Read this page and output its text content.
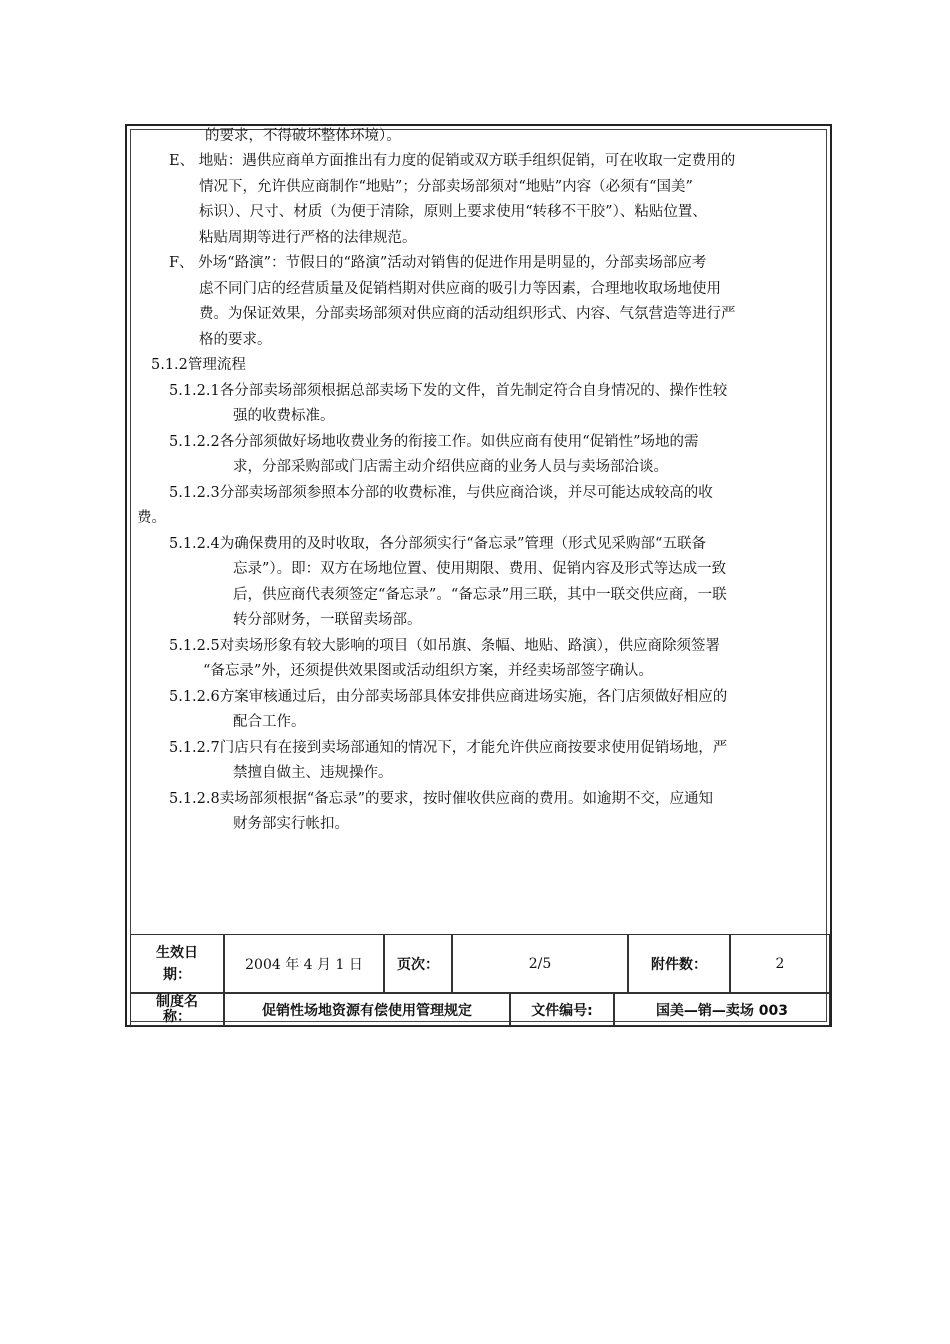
的要求，不得破坏整体环境）。
E、 地贴：遇供应商单方面推出有力度的促销或双方联手组织促销，可在收取一定费用的
情况下，允许供应商制作“地贴”；分部卖场部须对“地贴”内容（必须有“国美”
标识）、尺寸、材质（为便于清除，原则上要求使用“转移不干胶”）、粘贴位置、
粘贴周期等进行严格的法律规范。
F、 外场“路演”：节假日的“路演”活动对销售的促进作用是明显的，分部卖场部应考
虑不同门店的经营质量及促销档期对供应商的吸引力等因素，合理地收取场地使用
费。为保证效果，分部卖场部须对供应商的活动组织形式、内容、气氛营造等进行严
格的要求。
5.1.2管理流程
5.1.2.1各分部卖场部须根据总部卖场下发的文件，首先制定符合自身情况的、操作性较
强的收费标准。
5.1.2.2各分部须做好场地收费业务的衔接工作。如供应商有使用“促销性”场地的需
求，分部采购部或门店需主动介绍供应商的业务人员与卖场部洽谈。
5.1.2.3分部卖场部须参照本分部的收费标准，与供应商洽谈，并尽可能达成较高的收
费。
5.1.2.4为确保费用的及时收取，各分部须实行“备忘录”管理（形式见采购部“五联备
忘录”）。即：双方在场地位置、使用期限、费用、促销内容及形式等达成一致
后，供应商代表须签定“备忘录”。“备忘录”用三联，其中一联交供应商，一联
转分部财务，一联留卖场部。
5.1.2.5对卖场形象有较大影响的项目（如吊旗、条幅、地贴、路演），供应商除须签署
“备忘录”外，还须提供效果图或活动组织方案，并经卖场部签字确认。
5.1.2.6方案审核通过后，由分部卖场部具体安排供应商进场实施，各门店须做好相应的
配合工作。
5.1.2.7门店只有在接到卖场部通知的情况下，才能允许供应商按要求使用促销场地，严
禁擅自做主、违规操作。
5.1.2.8卖场部须根据“备忘录”的要求，按时催收供应商的费用。如逾期不交，应通知
财务部实行帐扣。
生效日
期：
2004 年 4 月 1 日	页次：	2/5	附件数：	2
制度名
称：	促销性场地资源有偿使用管理规定	文件编号:	国美—销—卖场 003
